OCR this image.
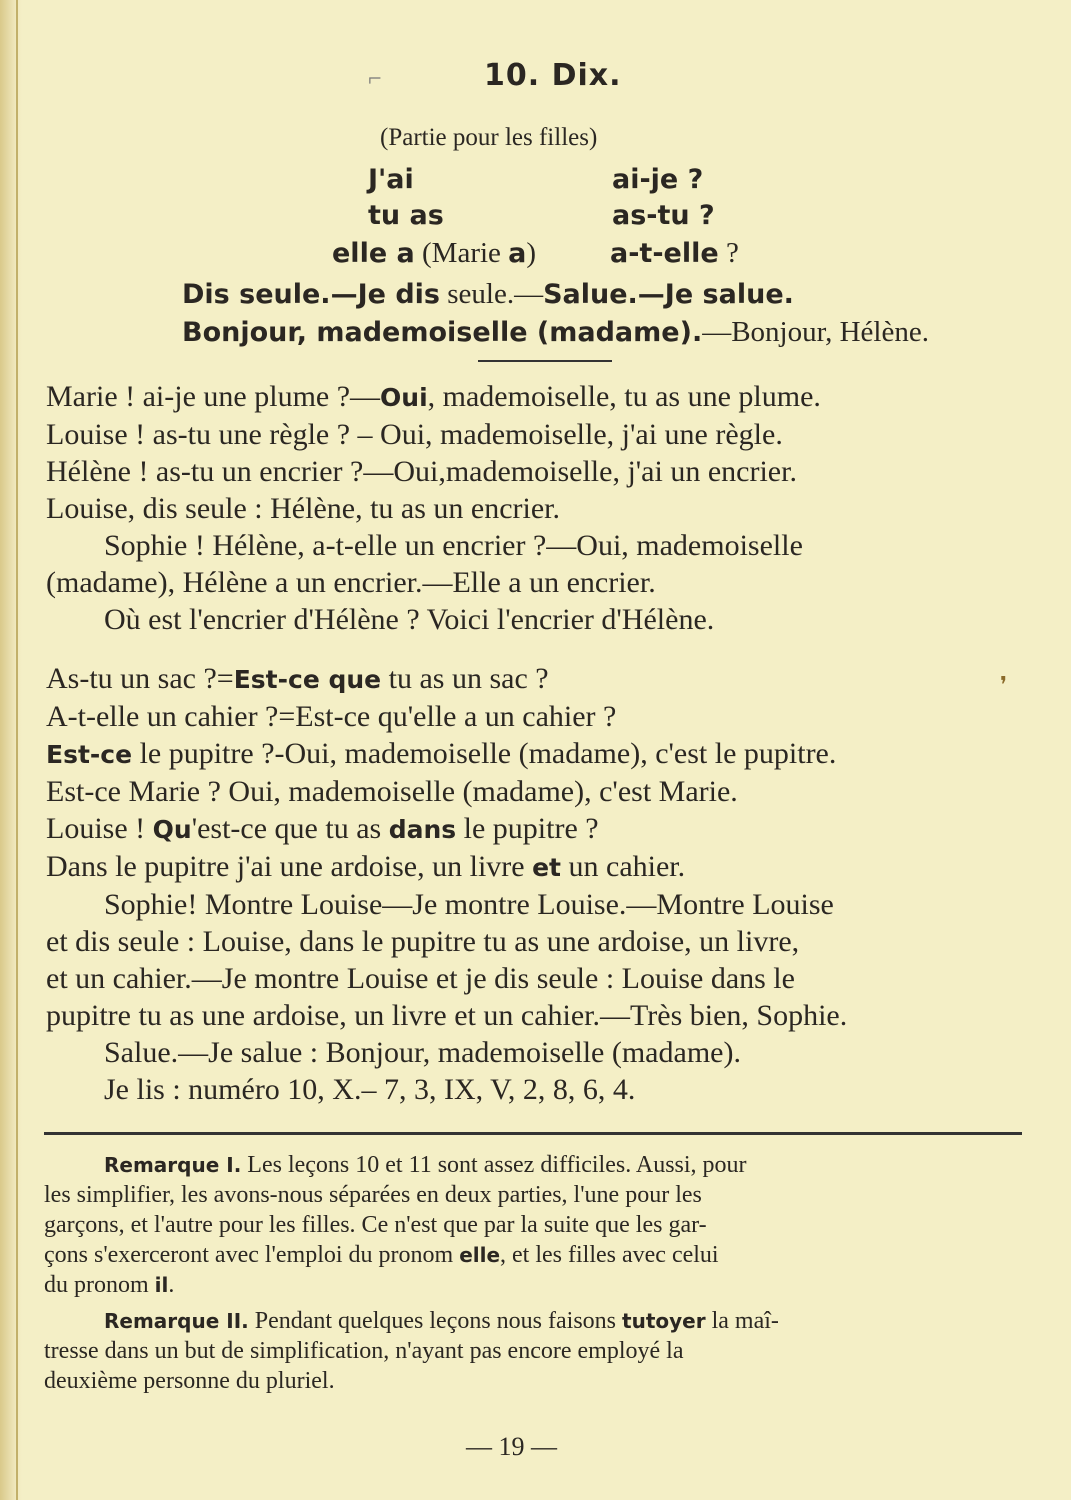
⌐	10. Dix.
(Partie pour les filles)
J'ai	ai-je ?
tu as	as-tu ?
elle a (Marie a)	a-t-elle ?
Dis seule.—Je dis seule.—Salue.—Je salue.
Bonjour, mademoiselle (madame).—Bonjour, Hélène.
Marie ! ai-je une plume ?—Oui, mademoiselle, tu as une plume.
Louise ! as-tu une règle ? – Oui, mademoiselle, j'ai une règle.
Hélène ! as-tu un encrier ?—Oui,mademoiselle, j'ai un encrier.
Louise, dis seule : Hélène, tu as un encrier.
Sophie ! Hélène, a-t-elle un encrier ?—Oui, mademoiselle
(madame), Hélène a un encrier.—Elle a un encrier.
Où est l'encrier d'Hélène ? Voici l'encrier d'Hélène.
❜
As-tu un sac ?=Est-ce que tu as un sac ?
A-t-elle un cahier ?=Est-ce qu'elle a un cahier ?
Est-ce le pupitre ?-Oui, mademoiselle (madame), c'est le pupitre.
Est-ce Marie ? Oui, mademoiselle (madame), c'est Marie.
Louise ! Qu'est-ce que tu as dans le pupitre ?
Dans le pupitre j'ai une ardoise, un livre et un cahier.
Sophie! Montre Louise—Je montre Louise.—Montre Louise
et dis seule : Louise, dans le pupitre tu as une ardoise, un livre,
et un cahier.—Je montre Louise et je dis seule : Louise dans le
pupitre tu as une ardoise, un livre et un cahier.—Très bien, Sophie.
Salue.—Je salue : Bonjour, mademoiselle (madame).
Je lis : numéro 10, X.– 7, 3, IX, V, 2, 8, 6, 4.
Remarque I. Les leçons 10 et 11 sont assez difficiles. Aussi, pour
les simplifier, les avons-nous séparées en deux parties, l'une pour les
garçons, et l'autre pour les filles. Ce n'est que par la suite que les gar-
çons s'exerceront avec l'emploi du pronom elle, et les filles avec celui
du pronom il.
Remarque II. Pendant quelques leçons nous faisons tutoyer la maî-
tresse dans un but de simplification, n'ayant pas encore employé la
deuxième personne du pluriel.
— 19 —
